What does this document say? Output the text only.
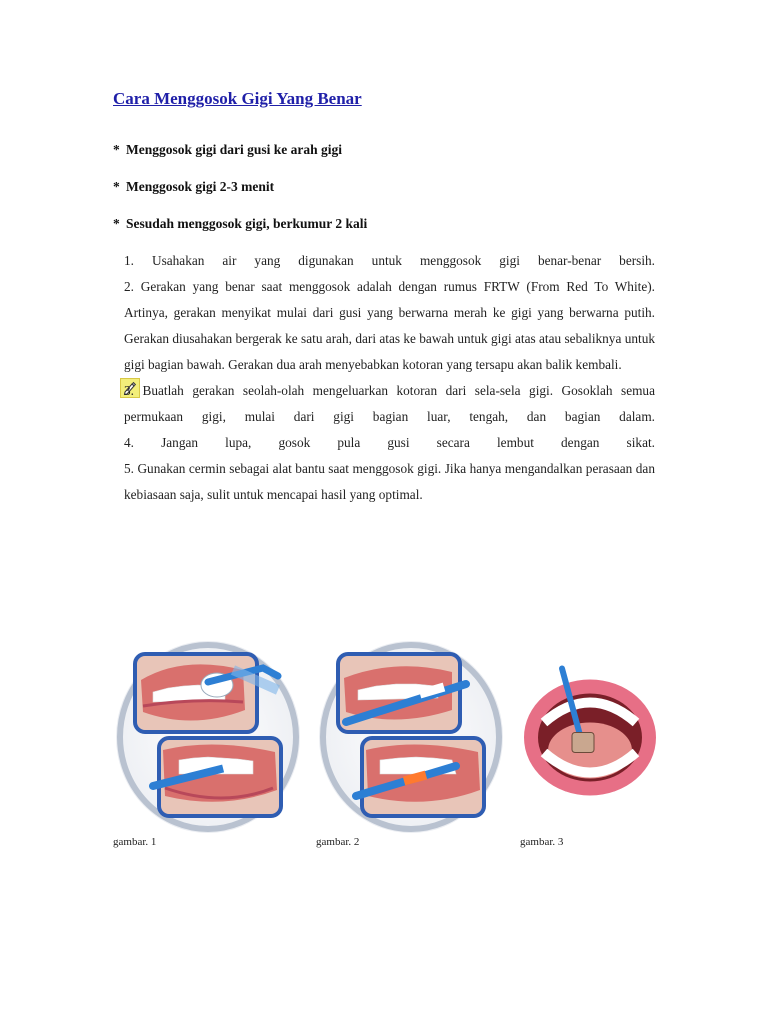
Cara Menggosok Gigi Yang Benar
* Menggosok gigi dari gusi ke arah gigi
* Menggosok gigi 2-3 menit
* Sesudah menggosok gigi, berkumur 2 kali

1. Usahakan air yang digunakan untuk menggosok gigi benar-benar bersih.

2. Gerakan yang benar saat menggosok adalah dengan rumus FRTW (From Red To White). Artinya, gerakan menyikat mulai dari gusi yang berwarna merah ke gigi yang berwarna putih. Gerakan diusahakan bergerak ke satu arah, dari atas ke bawah untuk gigi atas atau sebaliknya untuk gigi bagian bawah. Gerakan dua arah menyebabkan kotoran yang tersapu akan balik kembali.

3. Buatlah gerakan seolah-olah mengeluarkan kotoran dari sela-sela gigi. Gosoklah semua permukaan gigi, mulai dari gigi bagian luar, tengah, dan bagian dalam.

4. Jangan lupa, gosok pula gusi secara lembut dengan sikat.

5. Gunakan cermin sebagai alat bantu saat menggosok gigi. Jika hanya mengandalkan perasaan dan kebiasaan saja, sulit untuk mencapai hasil yang optimal.

gambar. 1	gambar. 2	gambar. 3
